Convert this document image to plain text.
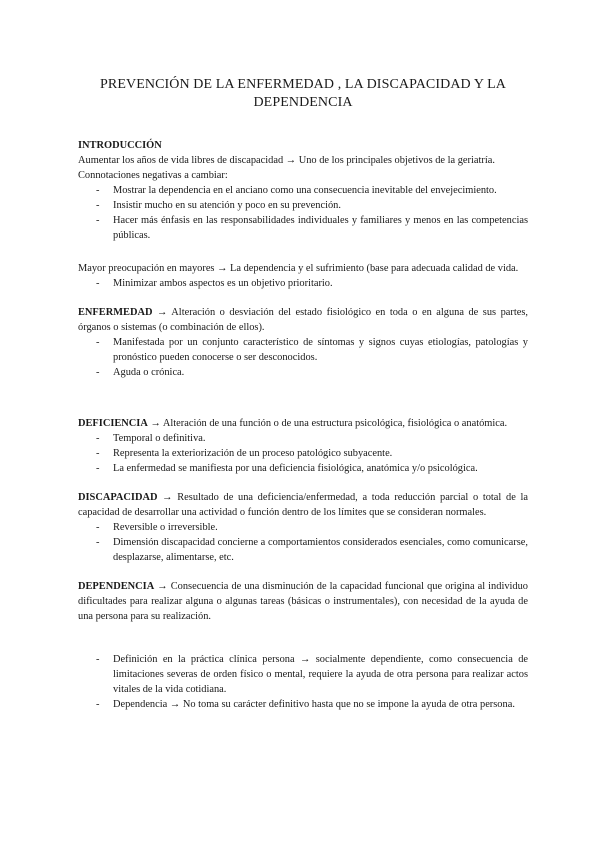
PREVENCIÓN DE LA ENFERMEDAD , LA DISCAPACIDAD Y LA DEPENDENCIA
INTRODUCCIÓN
Aumentar los años de vida libres de discapacidad → Uno de los principales objetivos de la geriatría.
Connotaciones negativas a cambiar:
- Mostrar la dependencia en el anciano como una consecuencia inevitable del envejecimiento.
- Insistir mucho en su atención y poco en su prevención.
- Hacer más énfasis en las responsabilidades individuales y familiares y menos en las competencias públicas.
Mayor preocupación en mayores → La dependencia y el sufrimiento (base para adecuada calidad de vida.
- Minimizar ambos aspectos es un objetivo prioritario.
ENFERMEDAD → Alteración o desviación del estado fisiológico en toda o en alguna de sus partes, órganos o sistemas (o combinación de ellos).
- Manifestada por un conjunto característico de síntomas y signos cuyas etiologías, patologías y pronóstico pueden conocerse o ser desconocidos.
- Aguda o crónica.
DEFICIENCIA → Alteración de una función o de una estructura psicológica, fisiológica o anatómica.
- Temporal o definitiva.
- Representa la exteriorización de un proceso patológico subyacente.
- La enfermedad se manifiesta por una deficiencia fisiológica, anatómica y/o psicológica.
DISCAPACIDAD → Resultado de una deficiencia/enfermedad, a toda reducción parcial o total de la capacidad de desarrollar una actividad o función dentro de los límites que se consideran normales.
- Reversible o irreversible.
- Dimensión discapacidad concierne a comportamientos considerados esenciales, como comunicarse, desplazarse, alimentarse, etc.
DEPENDENCIA → Consecuencia de una disminución de la capacidad funcional que origina al individuo dificultades para realizar alguna o algunas tareas (básicas o instrumentales), con necesidad de la ayuda de una persona para su realización.
- Definición en la práctica clínica persona → socialmente dependiente, como consecuencia de limitaciones severas de orden físico o mental, requiere la ayuda de otra persona para realizar actos vitales de la vida cotidiana.
- Dependencia → No toma su carácter definitivo hasta que no se impone la ayuda de otra persona.
